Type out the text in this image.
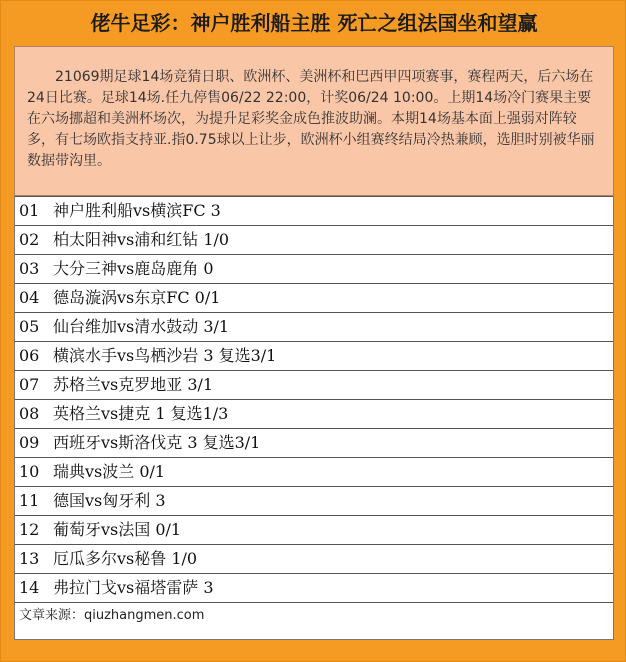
佬牛足彩：神户胜利船主胜 死亡之组法国坐和望赢
21069期足球14场竞猜日职、欧洲杯、美洲杯和巴西甲四项赛事，赛程两天，后六场在24日比赛。足球14场.任九停售06/22 22:00，计奖06/24 10:00。上期14场冷门赛果主要在六场挪超和美洲杯场次，为提升足彩奖金成色推波助澜。本期14场基本面上强弱对阵较多，有七场欧指支持亚.指0.75球以上让步，欧洲杯小组赛终结局冷热兼顾，选胆时别被华丽数据带沟里。
01 神户胜利船vs横滨FC 3
02 柏太阳神vs浦和红钻 1/0
03 大分三神vs鹿岛鹿角 0
04 德岛漩涡vs东京FC 0/1
05 仙台维加vs清水鼓动 3/1
06 横滨水手vs鸟栖沙岩 3 复选3/1
07 苏格兰vs克罗地亚 3/1
08 英格兰vs捷克 1 复选1/3
09 西班牙vs斯洛伐克 3 复选3/1
10 瑞典vs波兰 0/1
11 德国vs匈牙利 3
12 葡萄牙vs法国 0/1
13 厄瓜多尔vs秘鲁 1/0
14 弗拉门戈vs福塔雷萨 3
文章来源：qiuzhangmen.com
